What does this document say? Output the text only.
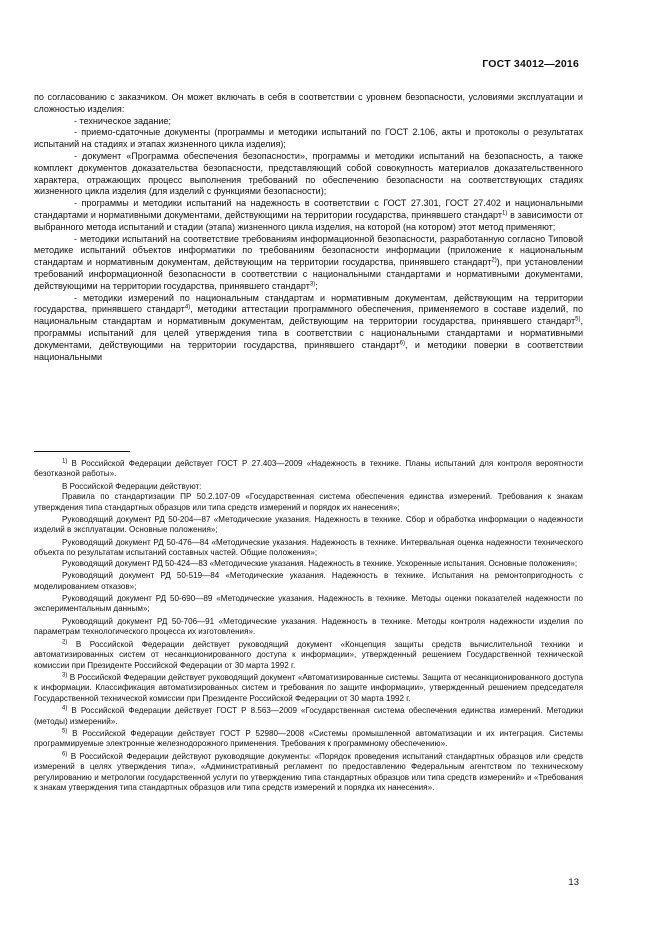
ГОСТ 34012—2016

по согласованию с заказчиком. Он может включать в себя в соответствии с уровнем безопасности, условиями эксплуатации и сложностью изделия:

- техническое задание;

- приемо-сдаточные документы (программы и методики испытаний по ГОСТ 2.106, акты и протоколы о результатах испытаний на стадиях и этапах жизненного цикла изделия);

- документ «Программа обеспечения безопасности», программы и методики испытаний на безопасность, а также комплект документов доказательства безопасности, представляющий собой совокупность материалов доказательственного характера, отражающих процесс выполнения требований по обеспечению безопасности на соответствующих стадиях жизненного цикла изделия (для изделий с функциями безопасности);

- программы и методики испытаний на надежность в соответствии с ГОСТ 27.301, ГОСТ 27.402 и национальными стандартами и нормативными документами, действующими на территории государства, принявшего стандарт$^{1)}$ в зависимости от выбранного метода испытаний и стадии (этапа) жизненного цикла изделия, на которой (на котором) этот метод применяют;

- методики испытаний на соответствие требованиям информационной безопасности, разработанную согласно Типовой методике испытаний объектов информатики по требованиям безопасности информации (приложение к национальным стандартам и нормативным документам, действующим на территории государства, принявшего стандарт$^{2)}$), при установлении требований информационной безопасности в соответствии с национальными стандартами и нормативными документами, действующими на территории государства, принявшего стандарт$^{3)}$;

- методики измерений по национальным стандартам и нормативным документам, действующим на территории государства, принявшего стандарт$^{4)}$, методики аттестации программного обеспечения, применяемого в составе изделий, по национальным стандартам и нормативным документам, действующим на территории государства, принявшего стандарт$^{5)}$, программы испытаний для целей утверждения типа в соответствии с национальными стандартами и нормативными документами, действующими на территории государства, принявшего стандарт$^{6)}$, и методики поверки в соответствии национальными

$^{1)}$ В Российской Федерации действует ГОСТ Р 27.403—2009 «Надежность в технике. Планы испытаний для контроля вероятности безотказной работы».

В Российской Федерации действуют:

Правила по стандартизации ПР 50.2.107-09 «Государственная система обеспечения единства измерений. Требования к знакам утверждения типа стандартных образцов или типа средств измерений и порядок их нанесения»;

Руководящий документ РД 50-204—87 «Методические указания. Надежность в технике. Сбор и обработка информации о надежности изделий в эксплуатации. Основные положения»;

Руководящий документ РД 50-476—84 «Методические указания. Надежность в технике. Интервальная оценка надежности технического объекта по результатам испытаний составных частей. Общие положения»;

Руководящий документ РД 50-424—83 «Методические указания. Надежность в технике. Ускоренные испытания. Основные положения»;

Руководящий документ РД 50-519—84 «Методические указания. Надежность в технике. Испытания на ремонтопригодность с моделированием отказов»;

Руководящий документ РД 50-690—89 «Методические указания. Надежность в технике. Методы оценки показателей надежности по экспериментальным данным»;

Руководящий документ РД 50-706—91 «Методические указания. Надежность в технике. Методы контроля надежности изделия по параметрам технологического процесса их изготовления».

$^{2)}$ В Российской Федерации действует руководящий документ «Концепция защиты средств вычислительной техники и автоматизированных систем от несанкционированного доступа к информации», утвержденный решением Государственной технической комиссии при Президенте Российской Федерации от 30 марта 1992 г.

$^{3)}$ В Российской Федерации действует руководящий документ «Автоматизированные системы. Защита от несанкционированного доступа к информации. Классификация автоматизированных систем и требования по защите информации», утвержденный решением председателя Государственной технической комиссии при Президенте Российской Федерации от 30 марта 1992 г.

$^{4)}$ В Российской Федерации действует ГОСТ Р 8.563—2009 «Государственная система обеспечения единства измерений. Методики (методы) измерений».

$^{5)}$ В Российской Федерации действует ГОСТ Р 52980—2008 «Системы промышленной автоматизации и их интеграция. Системы программируемые электронные железнодорожного применения. Требования к программному обеспечению».

$^{6)}$ В Российской Федерации действуют руководящие документы: «Порядок проведения испытаний стандартных образцов или средств измерений в целях утверждения типа», «Административный регламент по предоставлению Федеральным агентством по техническому регулированию и метрологии государственной услуги по утверждению типа стандартных образцов или типа средств измерений» и «Требования к знакам утверждения типа стандартных образцов или типа средств измерений и порядка их нанесения».

13
